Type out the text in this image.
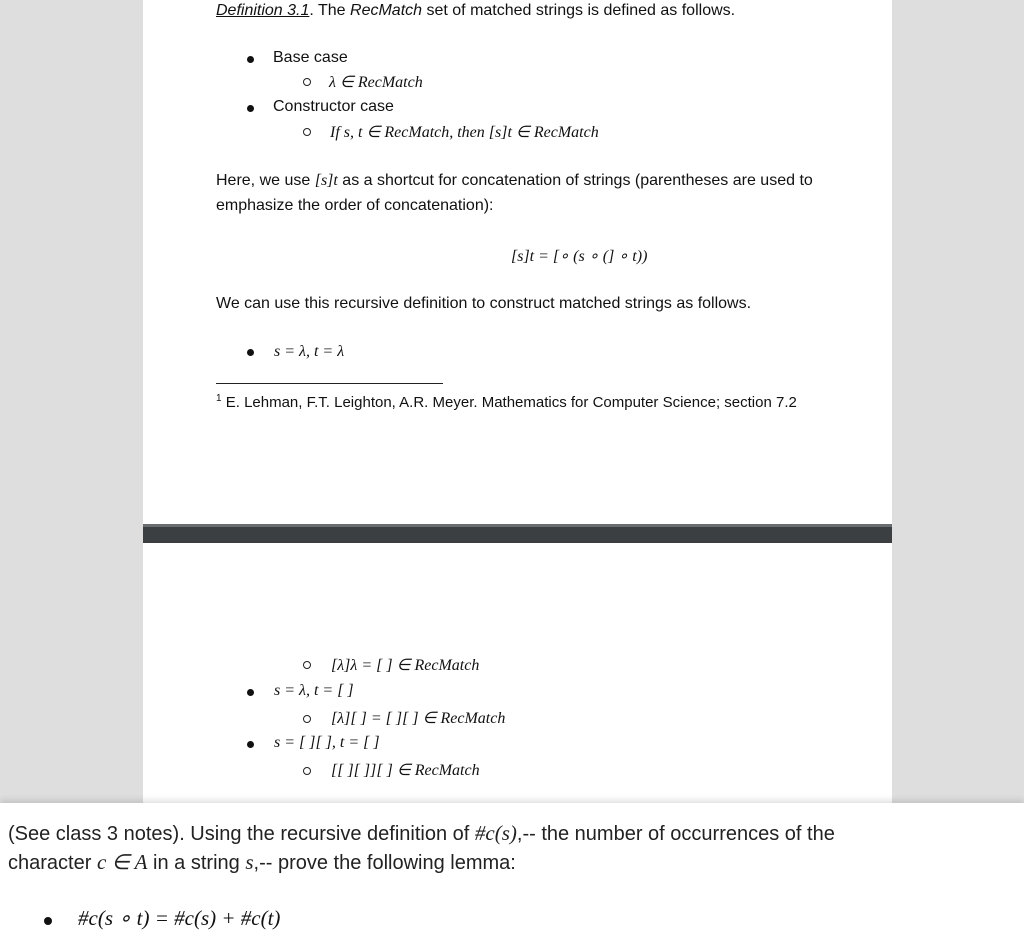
Definition 3.1. The RecMatch set of matched strings is defined as follows.
Base case
λ ∈ RecMatch
Constructor case
If s, t ∈ RecMatch, then [s]t ∈ RecMatch
Here, we use [s]t as a shortcut for concatenation of strings (parentheses are used to
emphasize the order of concatenation):
[s]t = [∘ (s ∘ (] ∘ t))
We can use this recursive definition to construct matched strings as follows.
s = λ, t = λ
$^1$ E. Lehman, F.T. Leighton, A.R. Meyer. Mathematics for Computer Science; section 7.2
[λ]λ = [ ] ∈ RecMatch
s = λ, t = [ ]
[λ][ ] = [ ][ ] ∈ RecMatch
s = [ ][ ], t = [ ]
[[ ][ ]][ ] ∈ RecMatch
(See class 3 notes). Using the recursive definition of #c(s),-- the number of occurrences of the
character c ∈ A in a string s,-- prove the following lemma:
#c(s ∘ t) = #c(s) + #c(t)
